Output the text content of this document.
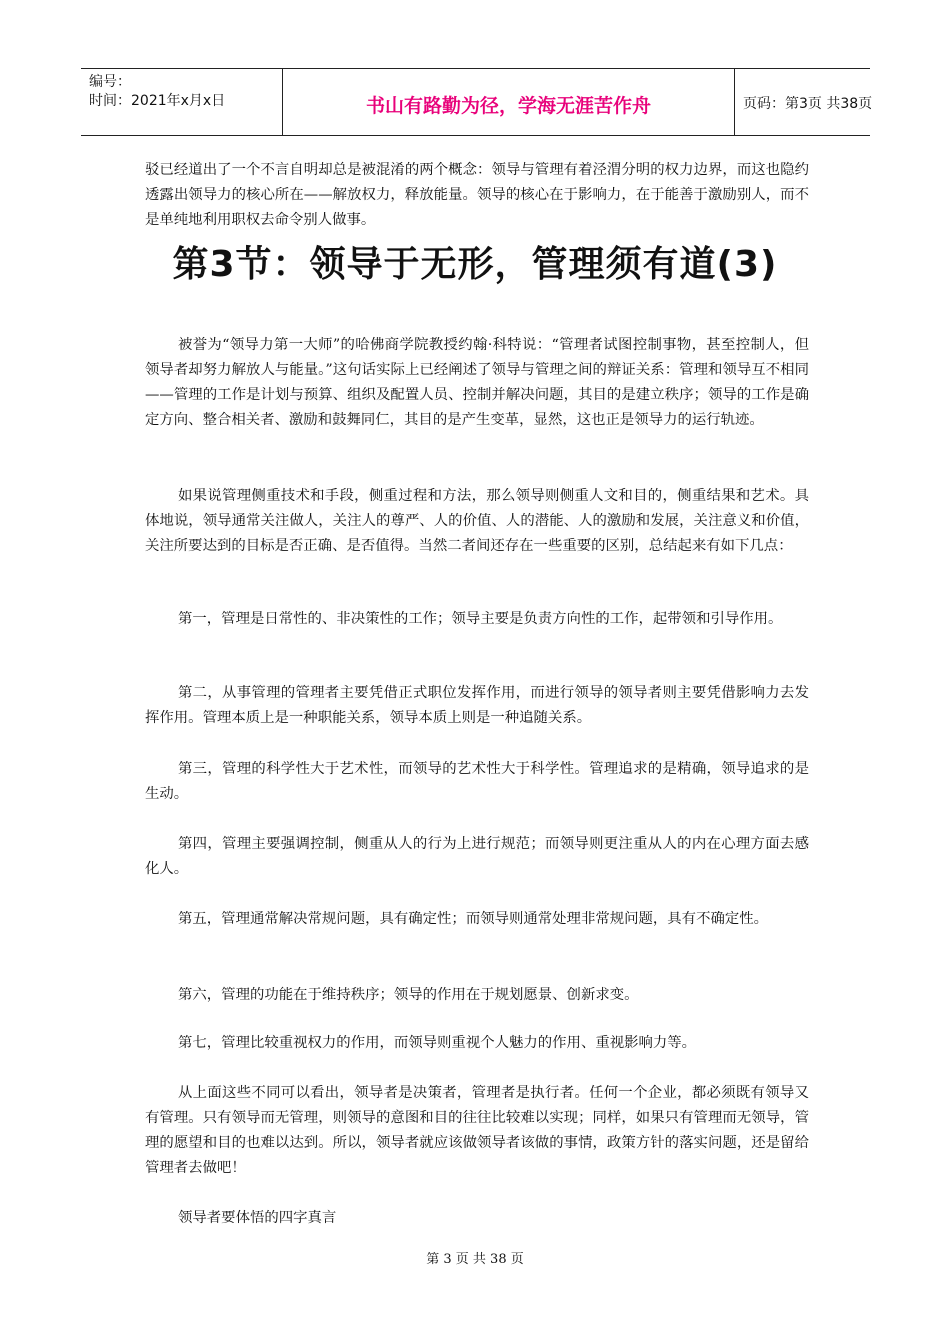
编号：
时间：2021年x月x日	书山有路勤为径，学海无涯苦作舟	页码：第3页 共38页

驳已经道出了一个不言自明却总是被混淆的两个概念：领导与管理有着泾渭分明的权力边界，而这也隐约透露出领导力的核心所在——解放权力，释放能量。领导的核心在于影响力，在于能善于激励别人，而不是单纯地利用职权去命令别人做事。

第3节：领导于无形，管理须有道(3)

被誉为“领导力第一大师”的哈佛商学院教授约翰·科特说：“管理者试图控制事物，甚至控制人，但领导者却努力解放人与能量。”这句话实际上已经阐述了领导与管理之间的辩证关系：管理和领导互不相同——管理的工作是计划与预算、组织及配置人员、控制并解决问题，其目的是建立秩序；领导的工作是确定方向、整合相关者、激励和鼓舞同仁，其目的是产生变革，显然，这也正是领导力的运行轨迹。

如果说管理侧重技术和手段，侧重过程和方法，那么领导则侧重人文和目的，侧重结果和艺术。具体地说，领导通常关注做人，关注人的尊严、人的价值、人的潜能、人的激励和发展，关注意义和价值，关注所要达到的目标是否正确、是否值得。当然二者间还存在一些重要的区别，总结起来有如下几点：

第一，管理是日常性的、非决策性的工作；领导主要是负责方向性的工作，起带领和引导作用。

第二，从事管理的管理者主要凭借正式职位发挥作用，而进行领导的领导者则主要凭借影响力去发挥作用。管理本质上是一种职能关系，领导本质上则是一种追随关系。

第三，管理的科学性大于艺术性，而领导的艺术性大于科学性。管理追求的是精确，领导追求的是生动。

第四，管理主要强调控制，侧重从人的行为上进行规范；而领导则更注重从人的内在心理方面去感化人。

第五，管理通常解决常规问题，具有确定性；而领导则通常处理非常规问题，具有不确定性。

第六，管理的功能在于维持秩序；领导的作用在于规划愿景、创新求变。

第七，管理比较重视权力的作用，而领导则重视个人魅力的作用、重视影响力等。

从上面这些不同可以看出，领导者是决策者，管理者是执行者。任何一个企业，都必须既有领导又有管理。只有领导而无管理，则领导的意图和目的往往比较难以实现；同样，如果只有管理而无领导，管理的愿望和目的也难以达到。所以，领导者就应该做领导者该做的事情，政策方针的落实问题，还是留给管理者去做吧！

领导者要体悟的四字真言

第 3 页 共 38 页
